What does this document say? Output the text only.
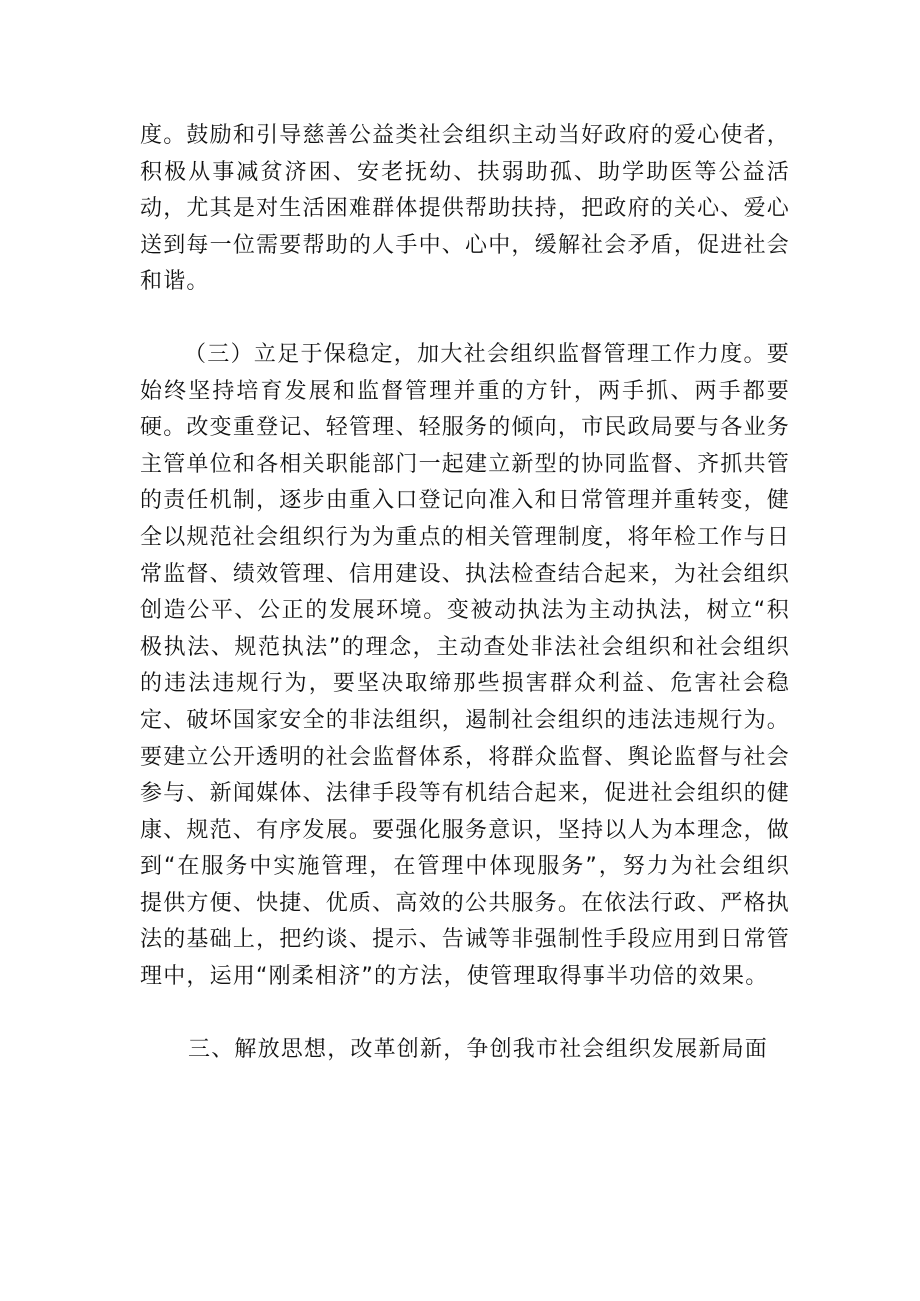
度。鼓励和引导慈善公益类社会组织主动当好政府的爱心使者，积极从事减贫济困、安老抚幼、扶弱助孤、助学助医等公益活动，尤其是对生活困难群体提供帮助扶持，把政府的关心、爱心送到每一位需要帮助的人手中、心中，缓解社会矛盾，促进社会和谐。

（三）立足于保稳定，加大社会组织监督管理工作力度。要始终坚持培育发展和监督管理并重的方针，两手抓、两手都要硬。改变重登记、轻管理、轻服务的倾向，市民政局要与各业务主管单位和各相关职能部门一起建立新型的协同监督、齐抓共管的责任机制，逐步由重入口登记向准入和日常管理并重转变，健全以规范社会组织行为为重点的相关管理制度，将年检工作与日常监督、绩效管理、信用建设、执法检查结合起来，为社会组织创造公平、公正的发展环境。变被动执法为主动执法，树立“积极执法、规范执法”的理念，主动查处非法社会组织和社会组织的违法违规行为，要坚决取缔那些损害群众利益、危害社会稳定、破坏国家安全的非法组织，遏制社会组织的违法违规行为。要建立公开透明的社会监督体系，将群众监督、舆论监督与社会参与、新闻媒体、法律手段等有机结合起来，促进社会组织的健康、规范、有序发展。要强化服务意识，坚持以人为本理念，做到“在服务中实施管理，在管理中体现服务”，努力为社会组织提供方便、快捷、优质、高效的公共服务。在依法行政、严格执法的基础上，把约谈、提示、告诫等非强制性手段应用到日常管理中，运用“刚柔相济”的方法，使管理取得事半功倍的效果。

三、解放思想，改革创新，争创我市社会组织发展新局面
